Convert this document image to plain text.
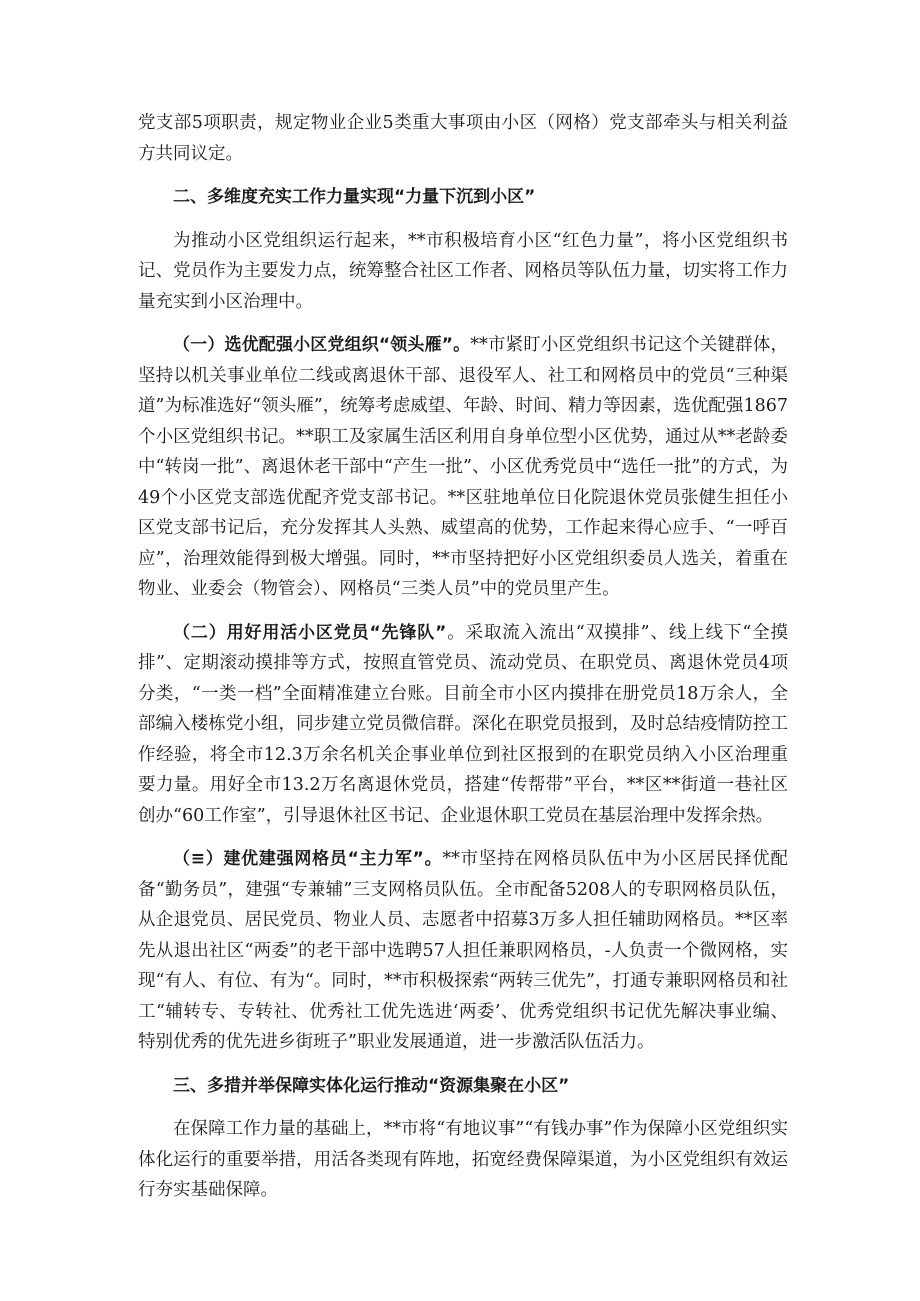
党支部5项职责，规定物业企业5类重大事项由小区（网格）党支部牵头与相关利益方共同议定。

二、多维度充实工作力量实现“力量下沉到小区”

为推动小区党组织运行起来，**市积极培育小区“红色力量”，将小区党组织书记、党员作为主要发力点，统筹整合社区工作者、网格员等队伍力量，切实将工作力量充实到小区治理中。

（一）选优配强小区党组织“领头雁”。**市紧盯小区党组织书记这个关键群体，坚持以机关事业单位二线或离退休干部、退役军人、社工和网格员中的党员“三种渠道”为标准选好“领头雁”，统筹考虑威望、年龄、时间、精力等因素，选优配强1867个小区党组织书记。**职工及家属生活区利用自身单位型小区优势，通过从**老龄委中“转岗一批”、离退休老干部中“产生一批”、小区优秀党员中“选任一批”的方式，为49个小区党支部选优配齐党支部书记。**区驻地单位日化院退休党员张健生担任小区党支部书记后，充分发挥其人头熟、威望高的优势，工作起来得心应手、“一呼百应”，治理效能得到极大增强。同时，**市坚持把好小区党组织委员人选关，着重在物业、业委会（物管会）、网格员“三类人员”中的党员里产生。

（二）用好用活小区党员“先锋队”。采取流入流出“双摸排”、线上线下“全摸排”、定期滚动摸排等方式，按照直管党员、流动党员、在职党员、离退休党员4项分类，“一类一档”全面精准建立台账。目前全市小区内摸排在册党员18万余人，全部编入楼栋党小组，同步建立党员微信群。深化在职党员报到，及时总结疫情防控工作经验，将全市12.3万余名机关企事业单位到社区报到的在职党员纳入小区治理重要力量。用好全市13.2万名离退休党员，搭建“传帮带”平台，**区**街道一巷社区创办“60工作室”，引导退休社区书记、企业退休职工党员在基层治理中发挥余热。

（≡）建优建强网格员“主力军”。**市坚持在网格员队伍中为小区居民择优配备“勤务员”，建强“专兼辅”三支网格员队伍。全市配备5208人的专职网格员队伍，从企退党员、居民党员、物业人员、志愿者中招募3万多人担任辅助网格员。**区率先从退出社区“两委”的老干部中选聘57人担任兼职网格员，-人负责一个微网格，实现“有人、有位、有为“。同时，**市积极探索“两转三优先”，打通专兼职网格员和社工“辅转专、专转社、优秀社工优先选进‘两委’、优秀党组织书记优先解决事业编、特别优秀的优先进乡街班子”职业发展通道，进一步激活队伍活力。

三、多措并举保障实体化运行推动“资源集聚在小区”

在保障工作力量的基础上，**市将“有地议事”“有钱办事”作为保障小区党组织实体化运行的重要举措，用活各类现有阵地，拓宽经费保障渠道，为小区党组织有效运行夯实基础保障。
